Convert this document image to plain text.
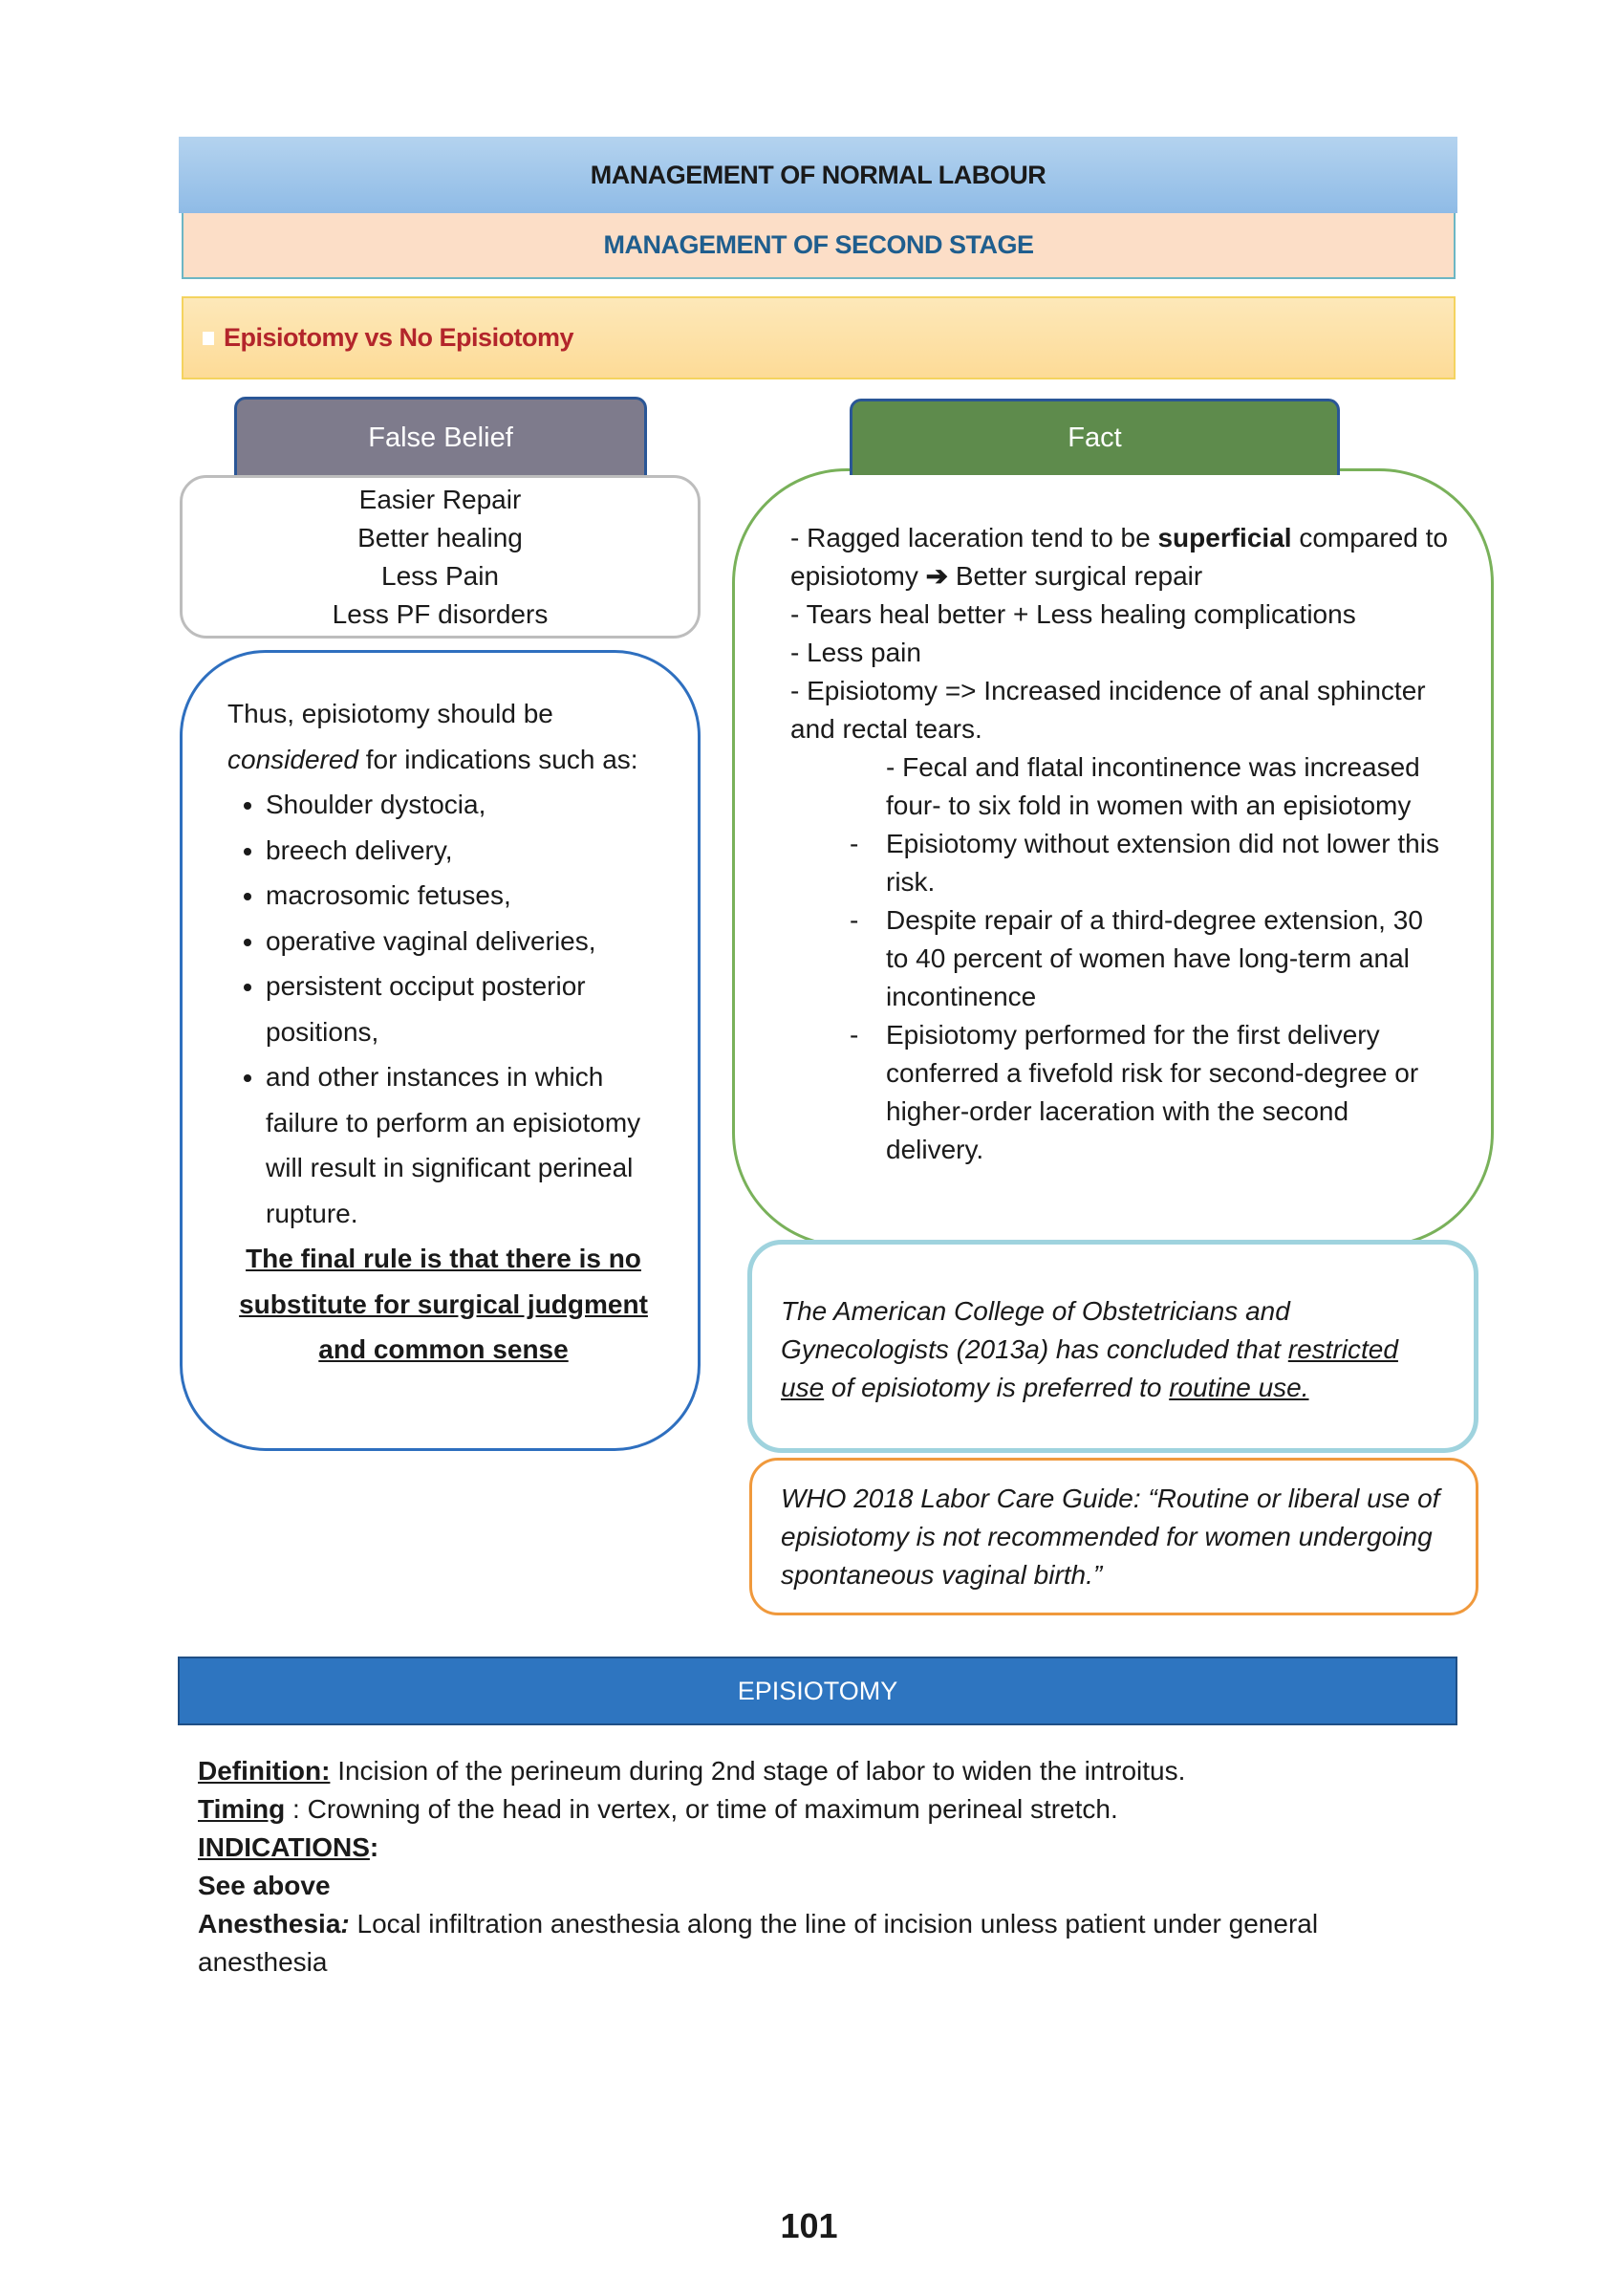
MANAGEMENT OF NORMAL LABOUR
MANAGEMENT OF SECOND STAGE
Episiotomy vs No Episiotomy
False Belief
Easier Repair
Better healing
Less Pain
Less PF disorders
Thus, episiotomy should be considered for indications such as:
• Shoulder dystocia,
• breech delivery,
• macrosomic fetuses,
• operative vaginal deliveries,
• persistent occiput posterior positions,
• and other instances in which failure to perform an episiotomy will result in significant perineal rupture.
The final rule is that there is no substitute for surgical judgment and common sense
- Ragged laceration tend to be superficial compared to episiotomy ➔ Better surgical repair
- Tears heal better + Less healing complications
- Less pain
- Episiotomy => Increased incidence of anal sphincter and rectal tears.
- Fecal and flatal incontinence was increased four- to six fold in women with an episiotomy
- Episiotomy without extension did not lower this risk.
- Despite repair of a third-degree extension, 30 to 40 percent of women have long-term anal incontinence
- Episiotomy performed for the first delivery conferred a fivefold risk for second-degree or higher-order laceration with the second delivery.
Fact
The American College of Obstetricians and Gynecologists (2013a) has concluded that restricted use of episiotomy is preferred to routine use.
WHO 2018 Labor Care Guide: “Routine or liberal use of episiotomy is not recommended for women undergoing spontaneous vaginal birth.”
EPISIOTOMY
Definition: Incision of the perineum during 2nd stage of labor to widen the introitus.
Timing : Crowning of the head in vertex, or time of maximum perineal stretch.
INDICATIONS:
See above
Anesthesia: Local infiltration anesthesia along the line of incision unless patient under general anesthesia
101
